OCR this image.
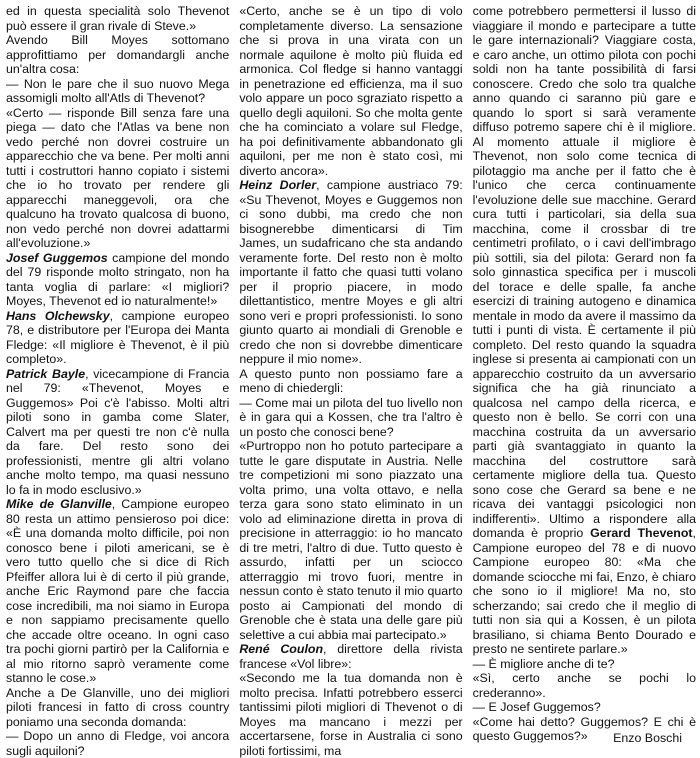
ed in questa specialità solo Thevenot può essere il gran rivale di Steve.»

Avendo Bill Moyes sottomano approfittiamo per domandargli anche un'altra cosa:

— Non le pare che il suo nuovo Mega assomigli molto all'Atls di Thevenot?

«Certo — risponde Bill senza fare una piega — dato che l'Atlas va bene non vedo perché non dovrei costruire un apparecchio che va bene. Per molti anni tutti i costruttori hanno copiato i sistemi che io ho trovato per rendere gli apparecchi maneggevoli, ora che qualcuno ha trovato qualcosa di buono, non vedo perché non dovrei adattarmi all'evoluzione.»

Josef Guggemos campione del mondo del 79 risponde molto stringato, non ha tanta voglia di parlare: «I migliori? Moyes, Thevenot ed io naturalmente!»

Hans Olchewsky, campione europeo 78, e distributore per l'Europa dei Manta Fledge: «Il migliore è Thevenot, è il più completo».

Patrick Bayle, vicecampione di Francia nel 79: «Thevenot, Moyes e Guggemos» Poi c'è l'abisso. Molti altri piloti sono in gamba come Slater, Calvert ma per questi tre non c'è nulla da fare. Del resto sono dei professionisti, mentre gli altri volano anche molto tempo, ma quasi nessuno lo fa in modo esclusivo.»

Mike de Glanville, Campione europeo 80 resta un attimo pensieroso poi dice: «È una domanda molto difficile, poi non conosco bene i piloti americani, se è vero tutto quello che si dice di Rich Pfeiffer allora lui è di certo il più grande, anche Eric Raymond pare che faccia cose incredibili, ma noi siamo in Europa e non sappiamo precisamente quello che accade oltre oceano. In ogni caso tra pochi giorni partirò per la California e al mio ritorno saprò veramente come stanno le cose.»

Anche a De Glanville, uno dei migliori piloti francesi in fatto di cross country poniamo una seconda domanda:

— Dopo un anno di Fledge, voi ancora sugli aquiloni?

«Certo, anche se è un tipo di volo completamente diverso. La sensazione che si prova in una virata con un normale aquilone è molto più fluida ed armonica. Col fledge si hanno vantaggi in penetrazione ed efficienza, ma il suo volo appare un poco sgraziato rispetto a quello degli aquiloni. So che molta gente che ha cominciato a volare sul Fledge, ha poi definitivamente abbandonato gli aquiloni, per me non è stato così, mi diverto ancora».

Heinz Dorler, campione austriaco 79: «Su Thevenot, Moyes e Guggemos non ci sono dubbi, ma credo che non bisognerebbe dimenticarsi di Tim James, un sudafricano che sta andando veramente forte. Del resto non è molto importante il fatto che quasi tutti volano per il proprio piacere, in modo dilettantistico, mentre Moyes e gli altri sono veri e propri professionisti. Io sono giunto quarto ai mondiali di Grenoble e credo che non si dovrebbe dimenticare neppure il mio nome».

A questo punto non possiamo fare a meno di chiedergli:

— Come mai un pilota del tuo livello non è in gara qui a Kossen, che tra l'altro è un posto che conosci bene?

«Purtroppo non ho potuto partecipare a tutte le gare disputate in Austria. Nelle tre competizioni mi sono piazzato una volta primo, una volta ottavo, e nella terza gara sono stato eliminato in un volo ad eliminazione diretta in prova di precisione in atterraggio: io ho mancato di tre metri, l'altro di due. Tutto questo è assurdo, infatti per un sciocco atterraggio mi trovo fuori, mentre in nessun conto è stato tenuto il mio quarto posto ai Campionati del mondo di Grenoble che è stata una delle gare più selettive a cui abbia mai partecipato.»

René Coulon, direttore della rivista francese «Vol libre»:

«Secondo me la tua domanda non è molto precisa. Infatti potrebbero esserci tantissimi piloti migliori di Thevenot o di Moyes ma mancano i mezzi per accertarsene, forse in Australia ci sono piloti fortissimi, ma

come potrebbero permettersi il lusso di viaggiare il mondo e partecipare a tutte le gare internazionali? Viaggiare costa, e caro anche, un ottimo pilota con pochi soldi non ha tante possibilità di farsi conoscere. Credo che solo tra qualche anno quando ci saranno più gare e quando lo sport si sarà veramente diffuso potremo sapere chi è il migliore. Al momento attuale il migliore è Thevenot, non solo come tecnica di pilotaggio ma anche per il fatto che è l'unico che cerca continuamente l'evoluzione delle sue macchine. Gerard cura tutti i particolari, sia della sua macchina, come il crossbar di tre centimetri profilato, o i cavi dell'imbrago più sottili, sia del pilota: Gerard non fa solo ginnastica specifica per i muscoli del torace e delle spalle, fa anche esercizi di training autogeno e dinamica mentale in modo da avere il massimo da tutti i punti di vista. È certamente il più completo. Del resto quando la squadra inglese si presenta ai campionati con un apparecchio costruito da un avversario significa che ha già rinunciato a qualcosa nel campo della ricerca, e questo non è bello. Se corri con una macchina costruita da un avversario parti già svantaggiato in quanto la macchina del costruttore sarà certamente migliore della tua. Questo sono cose che Gerard sa bene e ne ricava dei vantaggi psicologici non indifferenti». Ultimo a rispondere alla domanda è proprio Gerard Thevenot, Campione europeo del 78 e di nuovo Campione europeo 80: «Ma che domande sciocche mi fai, Enzo, è chiaro che sono io il migliore! Ma no, sto scherzando; sai credo che il meglio di tutti non sia qui a Kossen, è un pilota brasiliano, si chiama Bento Dourado e presto ne sentirete parlare.»

— È migliore anche di te?

«Sì, certo anche se pochi lo crederanno».

— E Josef Guggemos?

«Come hai detto? Guggemos? E chi è questo Guggemos?»	Enzo Boschi
